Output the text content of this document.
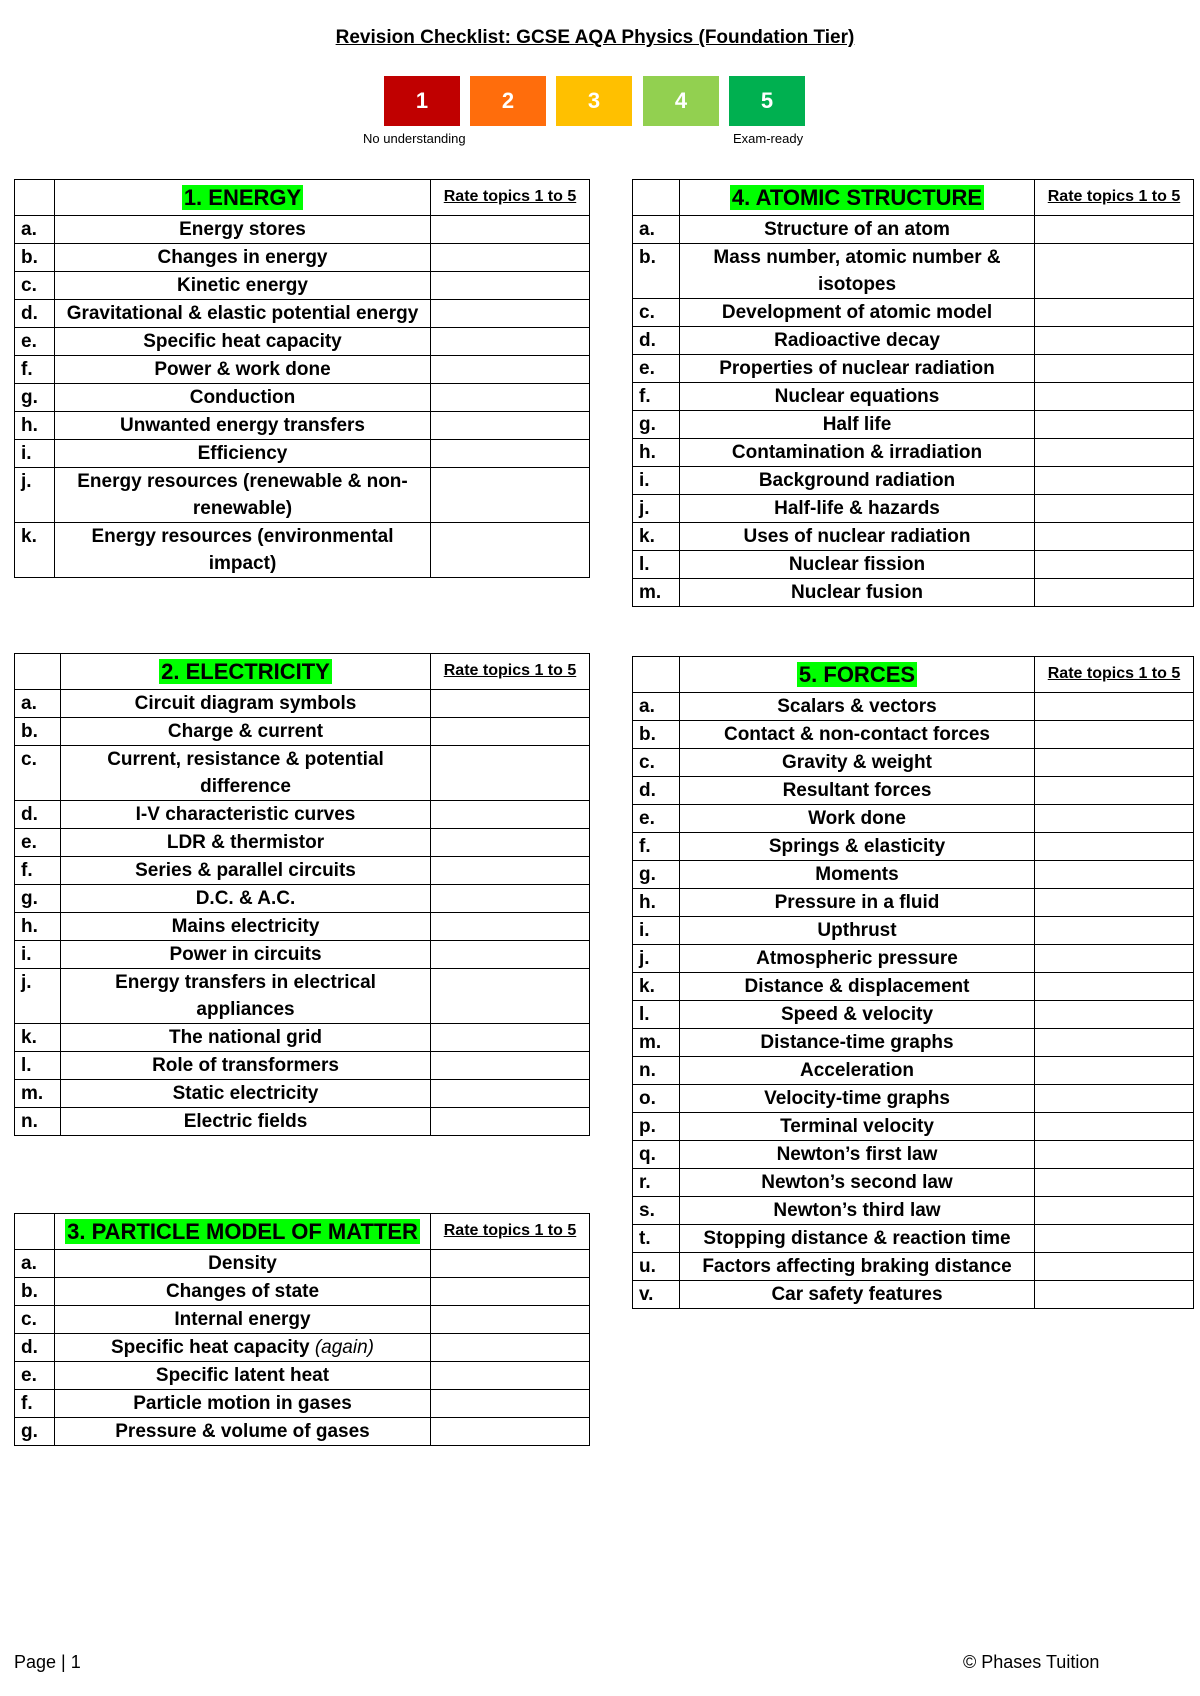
Revision Checklist: GCSE AQA Physics (Foundation Tier)
1	2	3	4	5
No understanding	Exam-ready
	1. ENERGY	Rate topics 1 to 5
a.	Energy stores	
b.	Changes in energy	
c.	Kinetic energy	
d.	Gravitational & elastic potential energy	
e.	Specific heat capacity	
f.	Power & work done	
g.	Conduction	
h.	Unwanted energy transfers	
i.	Efficiency	
j.	Energy resources (renewable & non-renewable)	
k.	Energy resources (environmental impact)	
	2. ELECTRICITY	Rate topics 1 to 5
a.	Circuit diagram symbols	
b.	Charge & current	
c.	Current, resistance & potential difference	
d.	I-V characteristic curves	
e.	LDR & thermistor	
f.	Series & parallel circuits	
g.	D.C. & A.C.	
h.	Mains electricity	
i.	Power in circuits	
j.	Energy transfers in electrical appliances	
k.	The national grid	
l.	Role of transformers	
m.	Static electricity	
n.	Electric fields	
	3. PARTICLE MODEL OF MATTER	Rate topics 1 to 5
a.	Density	
b.	Changes of state	
c.	Internal energy	
d.	Specific heat capacity (again)	
e.	Specific latent heat	
f.	Particle motion in gases	
g.	Pressure & volume of gases	
	4. ATOMIC STRUCTURE	Rate topics 1 to 5
a.	Structure of an atom	
b.	Mass number, atomic number & isotopes	
c.	Development of atomic model	
d.	Radioactive decay	
e.	Properties of nuclear radiation	
f.	Nuclear equations	
g.	Half life	
h.	Contamination & irradiation	
i.	Background radiation	
j.	Half-life & hazards	
k.	Uses of nuclear radiation	
l.	Nuclear fission	
m.	Nuclear fusion	
	5. FORCES	Rate topics 1 to 5
a.	Scalars & vectors	
b.	Contact & non-contact forces	
c.	Gravity & weight	
d.	Resultant forces	
e.	Work done	
f.	Springs & elasticity	
g.	Moments	
h.	Pressure in a fluid	
i.	Upthrust	
j.	Atmospheric pressure	
k.	Distance & displacement	
l.	Speed & velocity	
m.	Distance-time graphs	
n.	Acceleration	
o.	Velocity-time graphs	
p.	Terminal velocity	
q.	Newton’s first law	
r.	Newton’s second law	
s.	Newton’s third law	
t.	Stopping distance & reaction time	
u.	Factors affecting braking distance	
v.	Car safety features	
Page | 1	© Phases Tuition
